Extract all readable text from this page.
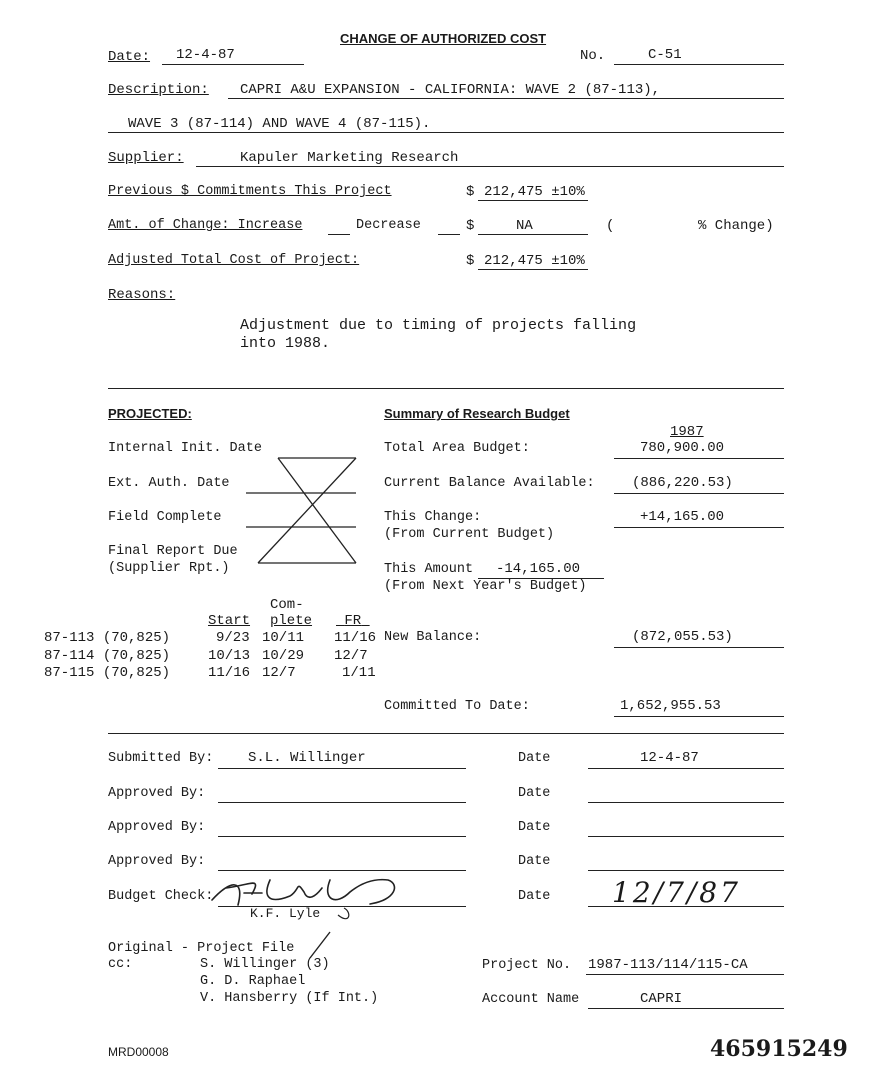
CHANGE OF AUTHORIZED COST
Date: 12-4-87	No.	C-51
Description: CAPRI A&U EXPANSION - CALIFORNIA: WAVE 2 (87-113),
WAVE 3 (87-114) AND WAVE 4 (87-115).
Supplier:	Kapuler Marketing Research
Previous $ Commitments This Project	$ 212,475 ±10%
Amt. of Change: Increase	Decrease	$	NA	(	% Change)
Adjusted Total Cost of Project:	$ 212,475 ±10%
Reasons:
Adjustment due to timing of projects falling
into 1988.
PROJECTED:
Internal Init. Date
Ext. Auth. Date
Field Complete
Final Report Due
(Supplier Rpt.)
Summary of Research Budget
1987
Total Area Budget:	780,900.00
Current Balance Available:	(886,220.53)
This Change:
(From Current Budget)
+14,165.00
This Amount -14,165.00
(From Next Year's Budget)
New Balance:	(872,055.53)
Committed To Date:	1,652,955.53
Com-
Start plete	FR
87-113 (70,825)	9/23 10/11 11/16
87-114 (70,825)	10/13 10/29 12/7
87-115 (70,825)	11/16 12/7	1/11
Submitted By: S.L. Willinger	Date	12-4-87
Approved By:	Date
Approved By:	Date
Approved By:	Date
Budget Check:
K.F. Lyle
Date 12/7/87
Original - Project File
cc:	S. Willinger (3)
G. D. Raphael
V. Hansberry (If Int.)
Project No. 1987-113/114/115-CA
Account Name	CAPRI
MRD00008	465915249
